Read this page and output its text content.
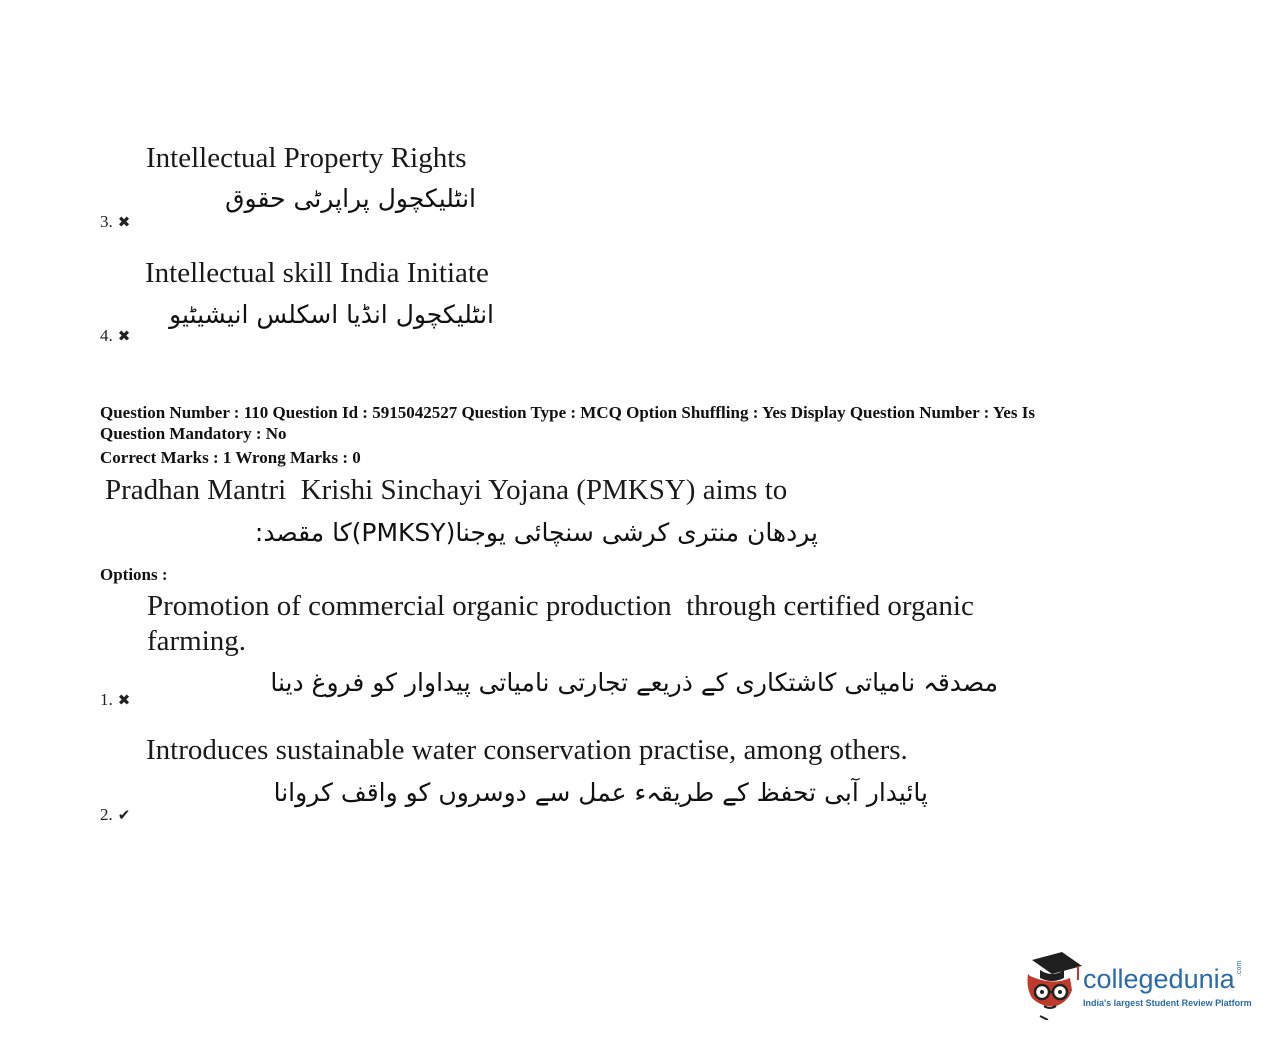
Intellectual Property Rights
انٹلیکچول پراپرٹی حقوق
3. ✖
Intellectual skill India Initiate
انٹلیکچول انڈیا اسکلس انیشیٹیو
4. ✖
Question Number : 110 Question Id : 5915042527 Question Type : MCQ Option Shuffling : Yes Display Question Number : Yes Is
Question Mandatory : No
Correct Marks : 1 Wrong Marks : 0
Pradhan Mantri  Krishi Sinchayi Yojana (PMKSY) aims to
پردھان منتری کرشی سنچائی یوجنا(PMKSY)کا مقصد:
Options :
Promotion of commercial organic production  through certified organic
farming.
مصدقہ نامیاتی کاشتکاری کے ذریعے تجارتی نامیاتی پیداوار کو فروغ دینا
1. ✖
Introduces sustainable water conservation practise, among others.
پائیدار آبی تحفظ کے طریقہء عمل سے دوسروں کو واقف کروانا
2. ✔
collegedunia .com
India's largest Student Review Platform
